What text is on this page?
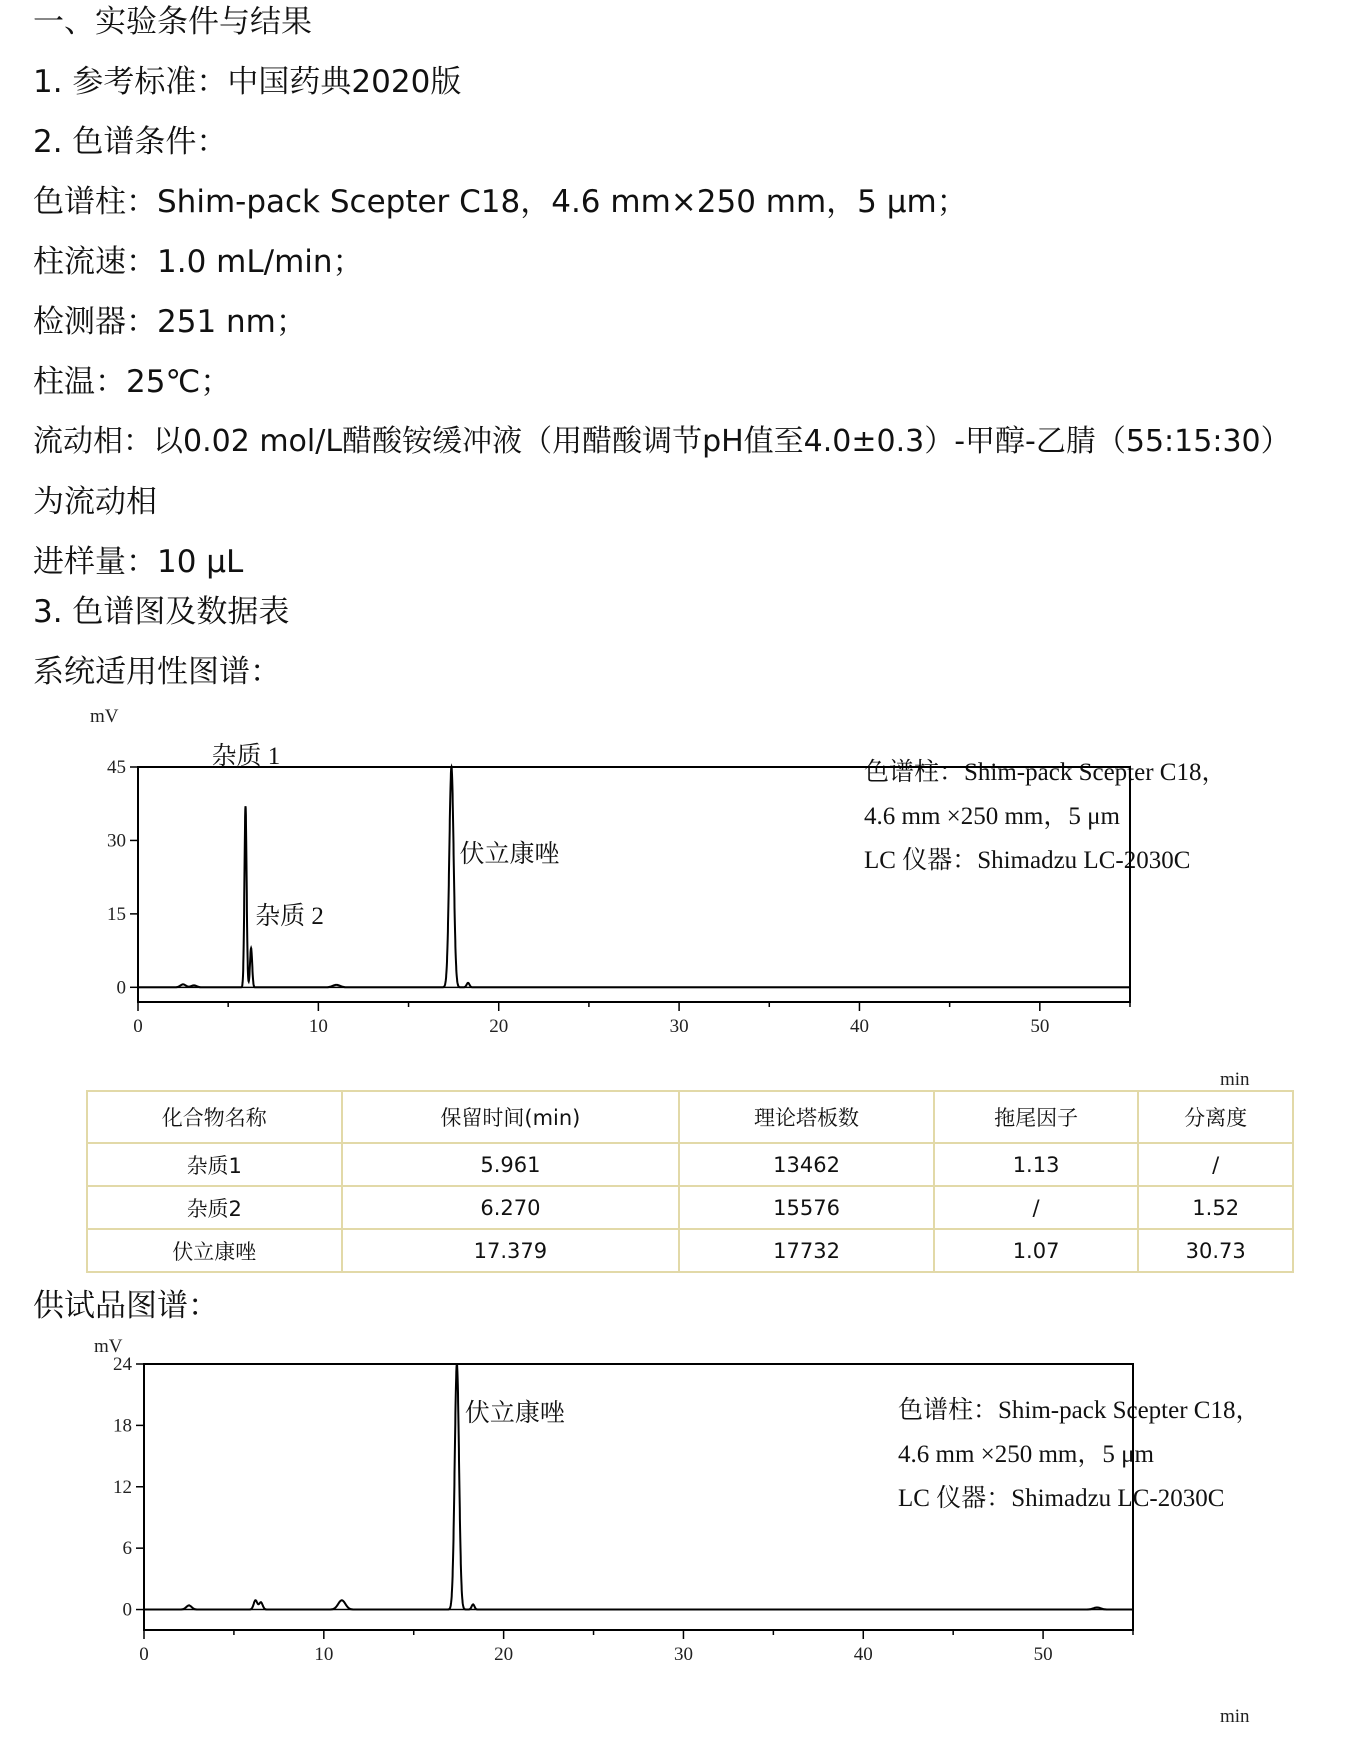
一、实验条件与结果
1. 参考标准：中国药典2020版
2. 色谱条件：
色谱柱：Shim-pack Scepter C18，4.6 mm×250 mm，5 μm；
柱流速：1.0 mL/min；
检测器：251 nm；
柱温：25℃；
流动相：以0.02 mol/L醋酸铵缓冲液（用醋酸调节pH值至4.0±0.3）-甲醇-乙腈（55:15:30）
为流动相
进样量：10 μL
3. 色谱图及数据表
系统适用性图谱：
mV
min
色谱柱：Shim-pack Scepter C18，
4.6 mm ×250 mm，5 μm
LC 仪器：Shimadzu LC-2030C
0
15
30
45
0	10	20	30	40	50
杂质 1
杂质 2
伏立康唑
化合物名称	保留时间(min)	理论塔板数	拖尾因子	分离度
杂质1	5.961	13462	1.13	/
杂质2	6.270	15576	/	1.52
伏立康唑	17.379	17732	1.07	30.73
供试品图谱：
mV
min
色谱柱：Shim-pack Scepter C18，
4.6 mm ×250 mm，5 μm
LC 仪器：Shimadzu LC-2030C
0
6
12
18
24
0	10	20	30	40	50
伏立康唑
